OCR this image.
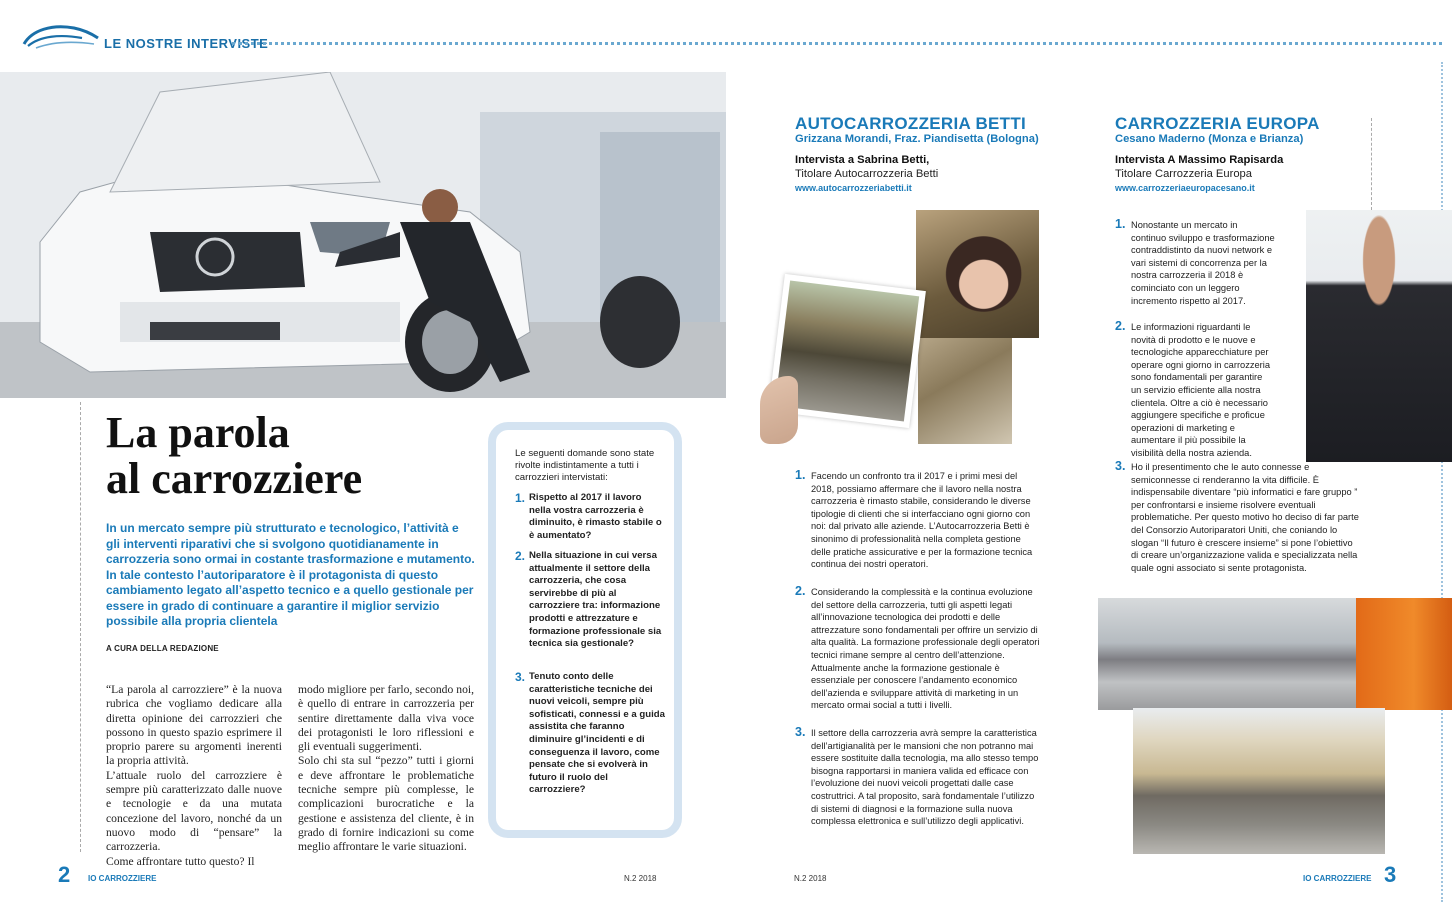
LE NOSTRE INTERVISTE
La parola
al carrozziere
In un mercato sempre più strutturato e tecnologico, l’attività e gli interventi riparativi che si svolgono quotidianamente in carrozzeria sono ormai in costante trasformazione e mutamento. In tale contesto l’autoriparatore è il protagonista di questo cambiamento legato all’aspetto tecnico e a quello gestionale per essere in grado di continuare a garantire il miglior servizio possibile alla propria clientela
A CURA DELLA REDAZIONE
“La parola al carrozziere” è la nuova rubrica che vogliamo dedicare alla diretta opinione dei carrozzieri che possono in questo spazio esprimere il proprio parere su argomenti inerenti la propria attività.
L’attuale ruolo del carrozziere è sempre più caratterizzato dalle nuove e tecnologie e da una mutata concezione del lavoro, nonché da un nuovo modo di “pensare” la carrozzeria.
Come affrontare tutto questo? Il
modo migliore per farlo, secondo noi, è quello di entrare in carrozzeria per sentire direttamente dalla viva voce dei protagonisti le loro riflessioni e gli eventuali suggerimenti.
Solo chi sta sul “pezzo” tutti i giorni e deve affrontare le problematiche tecniche sempre più complesse, le complicazioni burocratiche e la gestione e assistenza del cliente, è in grado di fornire indicazioni su come meglio affrontare le varie situazioni.
Le seguenti domande sono state rivolte indistintamente a tutti i carrozzieri intervistati:
1. Rispetto al 2017 il lavoro nella vostra carrozzeria è diminuito, è rimasto stabile o è aumentato?
2. Nella situazione in cui versa attualmente il settore della carrozzeria, che cosa servirebbe di più al carrozziere tra: informazione prodotti e attrezzature e formazione professionale sia tecnica sia gestionale?
3. Tenuto conto delle caratteristiche tecniche dei nuovi veicoli, sempre più sofisticati, connessi e a guida assistita che faranno diminuire gl’incidenti e di conseguenza il lavoro, come pensate che si evolverà in futuro il ruolo del carrozziere?
AUTOCARROZZERIA BETTI
Grizzana Morandi, Fraz. Piandisetta (Bologna)
Intervista a Sabrina Betti,
Titolare Autocarrozzeria Betti
www.autocarrozzeriabetti.it
1. Facendo un confronto tra il 2017 e i primi mesi del 2018, possiamo affermare che il lavoro nella nostra carrozzeria è rimasto stabile, considerando le diverse tipologie di clienti che si interfacciano ogni giorno con noi: dal privato alle aziende. L’Autocarrozzeria Betti è sinonimo di professionalità nella completa gestione delle pratiche assicurative e per la formazione tecnica continua dei nostri operatori.
2. Considerando la complessità e la continua evoluzione del settore della carrozzeria, tutti gli aspetti legati all’innovazione tecnologica dei prodotti e delle attrezzature sono fondamentali per offrire un servizio di alta qualità. La formazione professionale degli operatori tecnici rimane sempre al centro dell’attenzione. Attualmente anche la formazione gestionale è essenziale per conoscere l’andamento economico dell’azienda e sviluppare attività di marketing in un mercato ormai social a tutti i livelli.
3. Il settore della carrozzeria avrà sempre la caratteristica dell’artigianalità per le mansioni che non potranno mai essere sostituite dalla tecnologia, ma allo stesso tempo bisogna rapportarsi in maniera valida ed efficace con l’evoluzione dei nuovi veicoli progettati dalle case costruttrici. A tal proposito, sarà fondamentale l’utilizzo di sistemi di diagnosi e la formazione sulla nuova complessa elettronica e sull’utilizzo degli applicativi.
CARROZZERIA EUROPA
Cesano Maderno (Monza e Brianza)
Intervista A Massimo Rapisarda
Titolare Carrozzeria Europa
www.carrozzeriaeuropacesano.it
1. Nonostante un mercato in continuo sviluppo e trasformazione contraddistinto da nuovi network e vari sistemi di concorrenza per la nostra carrozzeria il 2018 è cominciato con un leggero incremento rispetto al 2017.
2. Le informazioni riguardanti le novità di prodotto e le nuove e tecnologiche apparecchiature per operare ogni giorno in carrozzeria sono fondamentali per garantire un servizio efficiente alla nostra clientela. Oltre a ciò è necessario aggiungere specifiche e proficue operazioni di marketing e aumentare il più possibile la visibilità della nostra azienda.
3. Ho il presentimento che le auto connesse e semiconnesse ci renderanno la vita difficile. È indispensabile diventare “più informatici e fare gruppo ” per confrontarsi e insieme risolvere eventuali problematiche. Per questo motivo ho deciso di far parte del Consorzio Autoriparatori Uniti, che coniando lo slogan “Il futuro è crescere insieme” si pone l’obiettivo di creare un’organizzazione valida e specializzata nella quale ogni associato si sente protagonista.
2 IO CARROZZIERE	N.2 2018	N.2 2018	IO CARROZZIERE 3
